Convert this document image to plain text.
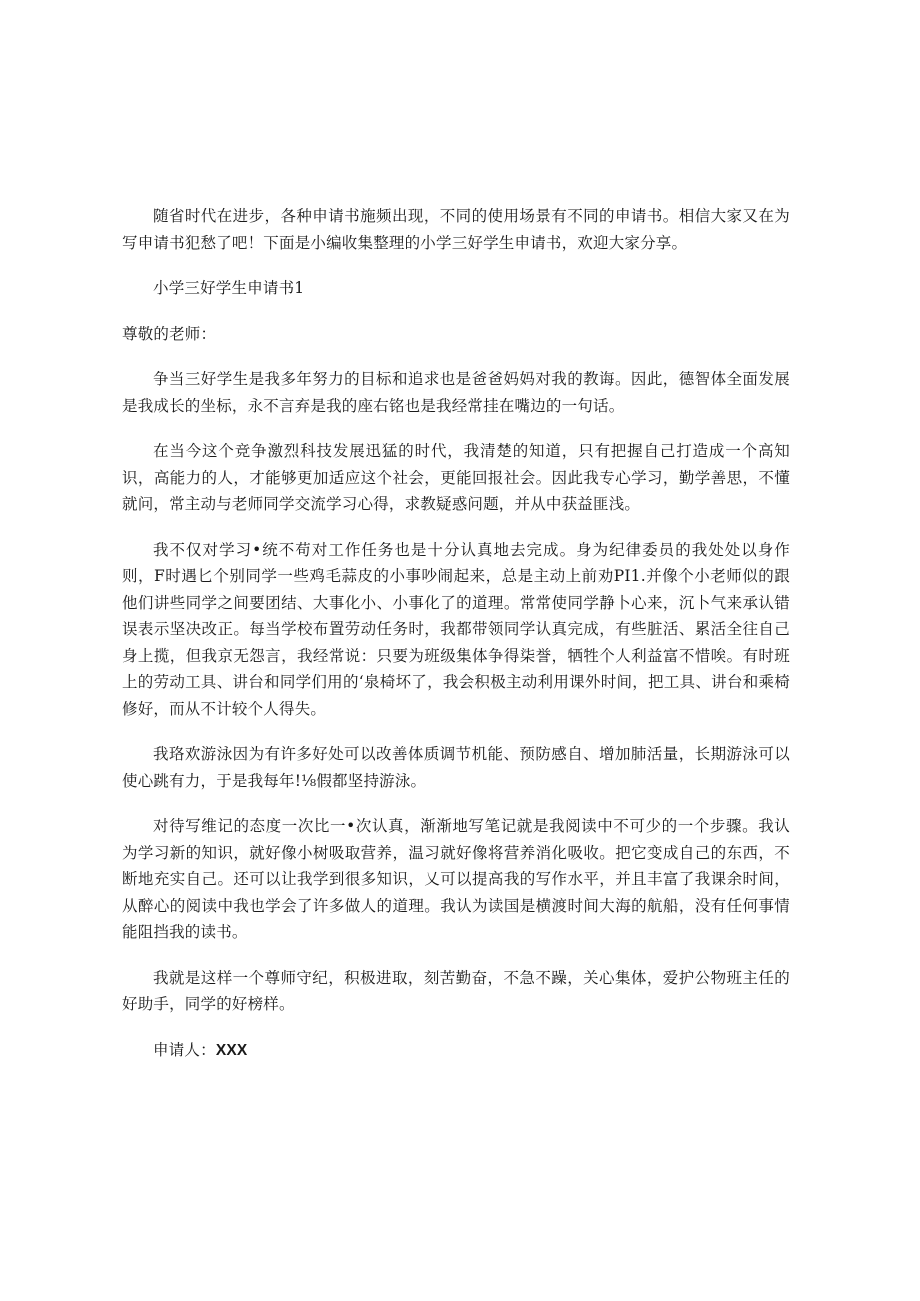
随省时代在进步，各种申请书施频出现，不同的使用场景有不同的申请书。相信大家又在为写申请书犯愁了吧！下面是小编收集整理的小学三好学生申请书，欢迎大家分享。

小学三好学生申请书1

尊敬的老师：

争当三好学生是我多年努力的目标和追求也是爸爸妈妈对我的教诲。因此，德智体全面发展是我成长的坐标，永不言弃是我的座右铭也是我经常挂在嘴边的一句话。

在当今这个竞争激烈科技发展迅猛的时代，我清楚的知道，只有把握自己打造成一个高知识，高能力的人，才能够更加适应这个社会，更能回报社会。因此我专心学习，勤学善思，不懂就问，常主动与老师同学交流学习心得，求教疑惑问题，并从中获益匪浅。

我不仅对学习•统不苟对工作任务也是十分认真地去完成。身为纪律委员的我处处以身作则，F时遇匕个别同学一些鸡毛蒜皮的小事吵闹起来，总是主动上前劝PI1.并像个小老师似的跟他们讲些同学之间要团结、大事化小、小事化了的道理。常常使同学静卜心来，沉卜气来承认错误表示坚决改正。每当学校布置劳动任务时，我都带领同学认真完成，有些脏活、累活全往自己身上揽，但我京无怨言，我经常说：只要为班级集体争得柒誉，牺牲个人利益富不惜唉。有时班上的劳动工具、讲台和同学们用的‘泉椅坏了，我会积极主动利用课外时间，把工具、讲台和乘椅修好，而从不计较个人得失。

我珞欢游泳因为有许多好处可以改善体质调节机能、预防感自、增加肺活量，长期游泳可以使心跳有力，于是我每年!⅛假都坚持游泳。

对待写维记的态度一次比一•次认真，渐渐地写笔记就是我阅读中不可少的一个步骤。我认为学习新的知识，就好像小树吸取营养，温习就好像将营养消化吸收。把它变成自己的东西，不断地充实自己。还可以让我学到很多知识，乂可以提高我的写作水平，并且丰富了我课余时间，从醉心的阅读中我也学会了许多做人的道理。我认为读国是横渡时间大海的航船，没有任何事情能阻挡我的读书。

我就是这样一个尊师守纪，积极进取，刻苦勤奋，不急不躁，关心集体，爱护公物班主任的好助手，同学的好榜样。

申请人：XXX
